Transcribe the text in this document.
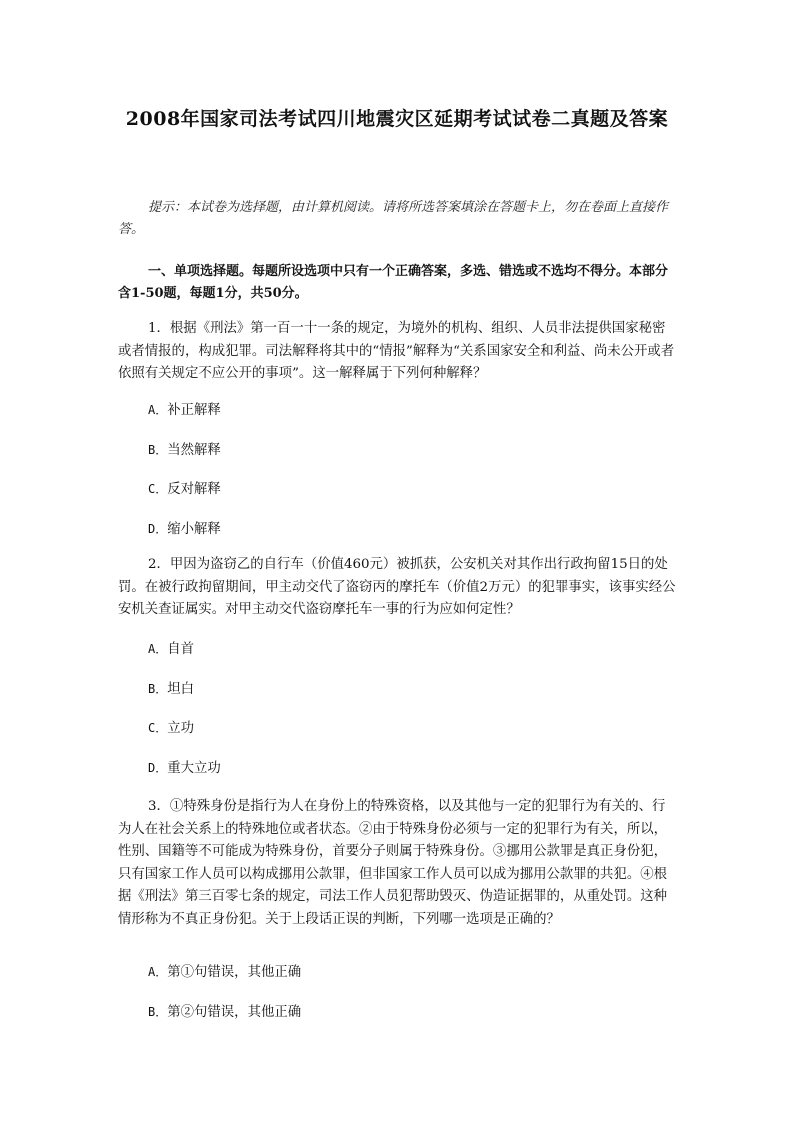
2008年国家司法考试四川地震灾区延期考试试卷二真题及答案
提示：本试卷为选择题，由计算机阅读。请将所选答案填涂在答题卡上，勿在卷面上直接作答。
一、单项选择题。每题所设选项中只有一个正确答案，多选、错选或不选均不得分。本部分含1-50题，每题1分，共50分。
1．根据《刑法》第一百一十一条的规定，为境外的机构、组织、人员非法提供国家秘密或者情报的，构成犯罪。司法解释将其中的“情报”解释为“关系国家安全和利益、尚未公开或者依照有关规定不应公开的事项”。这一解释属于下列何种解释？
A．补正解释
B．当然解释
C．反对解释
D．缩小解释
2．甲因为盗窃乙的自行车（价值460元）被抓获，公安机关对其作出行政拘留15日的处罚。在被行政拘留期间，甲主动交代了盗窃丙的摩托车（价值2万元）的犯罪事实，该事实经公安机关查证属实。对甲主动交代盗窃摩托车一事的行为应如何定性？
A．自首
B．坦白
C．立功
D．重大立功
3．①特殊身份是指行为人在身份上的特殊资格，以及其他与一定的犯罪行为有关的、行为人在社会关系上的特殊地位或者状态。②由于特殊身份必须与一定的犯罪行为有关，所以，性别、国籍等不可能成为特殊身份，首要分子则属于特殊身份。③挪用公款罪是真正身份犯，只有国家工作人员可以构成挪用公款罪，但非国家工作人员可以成为挪用公款罪的共犯。④根据《刑法》第三百零七条的规定，司法工作人员犯帮助毁灭、伪造证据罪的，从重处罚。这种情形称为不真正身份犯。关于上段话正误的判断，下列哪一选项是正确的？
A．第①句错误，其他正确
B．第②句错误，其他正确
